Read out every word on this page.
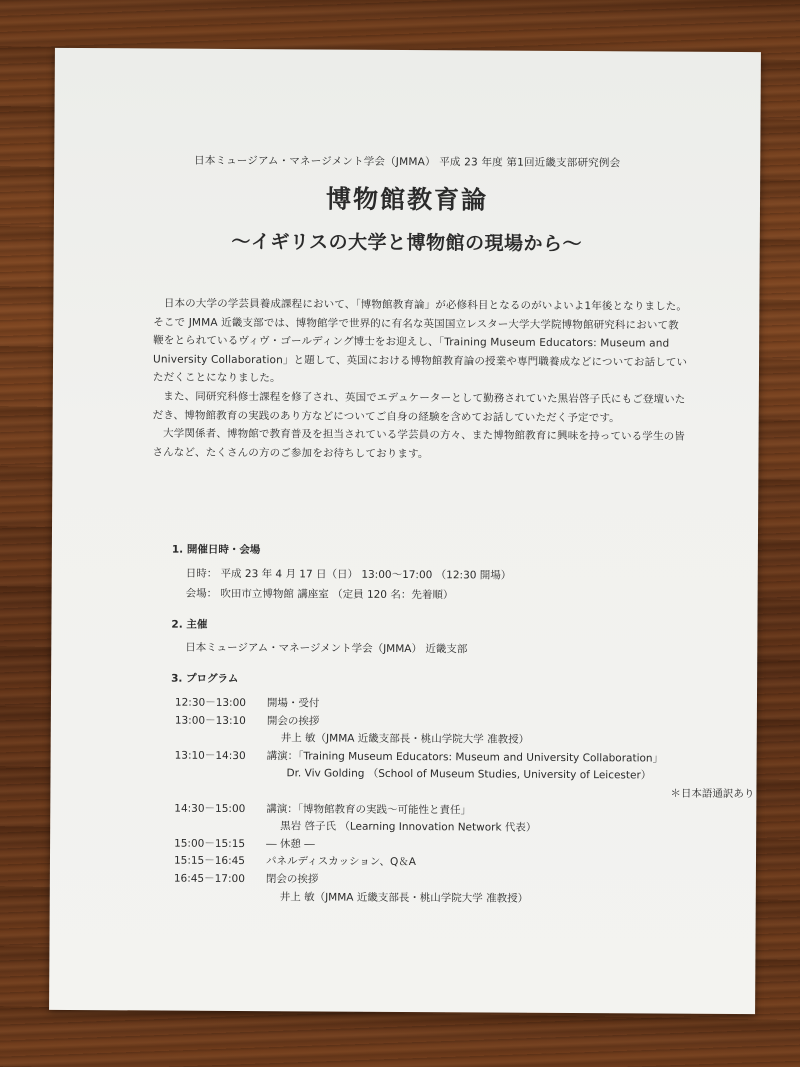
日本ミュージアム・マネージメント学会（JMMA） 平成 23 年度 第1回近畿支部研究例会
博物館教育論
～イギリスの大学と博物館の現場から～

日本の大学の学芸員養成課程において、「博物館教育論」が必修科目となるのがいよいよ1年後となりました。 そこで JMMA 近畿支部では、博物館学で世界的に有名な英国国立レスター大学大学院博物館研究科において教鞭をとられているヴィヴ・ゴールディング博士をお迎えし、「Training Museum Educators: Museum and University Collaboration」と題して、英国における博物館教育論の授業や専門職養成などについてお話していただくことになりました。

また、同研究科修士課程を修了され、英国でエデュケーターとして勤務されていた黒岩啓子氏にもご登壇いただき、博物館教育の実践のあり方などについてご自身の経験を含めてお話していただく予定です。

大学関係者、博物館で教育普及を担当されている学芸員の方々、また博物館教育に興味を持っている学生の皆さんなど、たくさんの方のご参加をお待ちしております。

1. 開催日時・会場
日時： 平成 23 年 4 月 17 日（日） 13:00～17:00 （12:30 開場）
会場： 吹田市立博物館 講座室 （定員 120 名：先着順）
2. 主催
日本ミュージアム・マネージメント学会（JMMA） 近畿支部
3. プログラム
12:30－13:00	開場・受付
13:00－13:10	開会の挨拶
井上 敏（JMMA 近畿支部長・桃山学院大学 准教授）
13:10－14:30	講演：「Training Museum Educators: Museum and University Collaboration」
Dr. Viv Golding （School of Museum Studies, University of Leicester）
＊日本語通訳あり
14:30－15:00	講演：「博物館教育の実践～可能性と責任」
黒岩 啓子氏 （Learning Innovation Network 代表）
15:00－15:15	― 休憩 ―
15:15－16:45	パネルディスカッション、Q＆A
16:45－17:00	閉会の挨拶
井上 敏（JMMA 近畿支部長・桃山学院大学 准教授）
